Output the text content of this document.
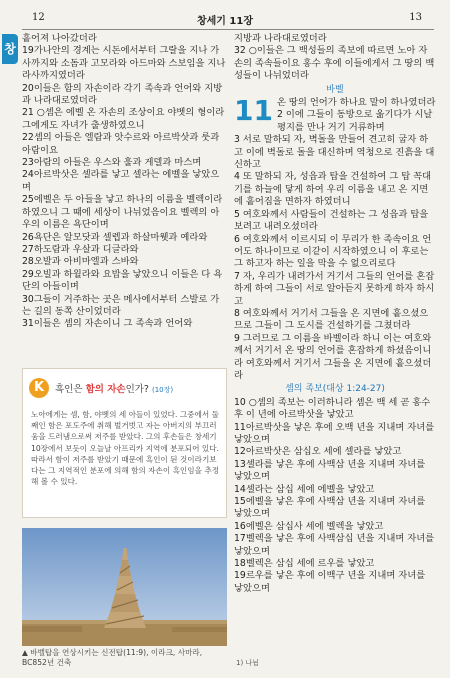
12	창세기 11장	13
창

흩어져 나아갔더라

19가나안의 경계는 시돈에서부터 그랄을 지나 가사까지와 소돔과 고모라와 아드마와 스보임을 지나 라사까지였더라

20이들은 함의 자손이라 각기 족속과 언어와 지방과 나라대로였더라

21 ○셈은 에벨 온 자손의 조상이요 야벳의 형이라 그에게도 자녀가 출생하였으니

22셈의 아들은 엘람과 앗수르와 아르박삿과 룻과 아람이요

23아람의 아들은 우스와 훌과 게델과 마스며

24아르박삿은 셀라를 낳고 셀라는 에벨을 낳았으며

25에벨은 두 아들을 낳고 하나의 이름을 벨렉이라 하였으니 그 때에 세상이 나뉘었음이요 벨렉의 아우의 이름은 욕단이며

26욕단은 알모닷과 셀렙과 하살마웻과 예라와

27하도람과 우살과 디글라와

28오발과 아비마엘과 스바와

29오빌과 하윌라와 요밥을 낳았으니 이들은 다 욕단의 아들이며

30그들이 거주하는 곳은 메사에서부터 스발로 가는 길의 동쪽 산이었더라

31이들은 셈의 자손이니 그 족속과 언어와

지방과 나라대로였더라

32 ○이들은 그 백성들의 족보에 따르면 노아 자손의 족속들이요 홍수 후에 이들에게서 그 땅의 백성들이 나뉘었더라

바벨
11 온 땅의 언어가 하나요 말이 하나였더라

2 이에 그들이 동방으로 옮기다가 시날 평지를 만나 거기 거류하며

3 서로 말하되 자, 벽돌을 만들어 견고히 굽자 하고 이에 벽돌로 돌을 대신하며 역청으로 진흙을 대신하고

4 또 말하되 자, 성읍과 탑을 건설하여 그 탑 꼭대기를 하늘에 닿게 하여 우리 이름을 내고 온 지면에 흩어짐을 면하자 하였더니

5 여호와께서 사람들이 건설하는 그 성읍과 탑을 보려고 내려오셨더라

6 여호와께서 이르시되 이 무리가 한 족속이요 언어도 하나이므로 이같이 시작하였으니 이 후로는 그 하고자 하는 일을 막을 수 없으리로다

7 자, 우리가 내려가서 거기서 그들의 언어를 혼잡하게 하여 그들이 서로 알아듣지 못하게 하자 하시고

8 여호와께서 거기서 그들을 온 지면에 흩으셨으므로 그들이 그 도시를 건설하기를 그쳤더라

9 그러므로 그 이름을 바벨이라 하니 이는 여호와께서 거기서 온 땅의 언어를 혼잡하게 하셨음이니라 여호와께서 거기서 그들을 온 지면에 흩으셨더라

셈의 족보(대상 1:24-27)

10 ○셈의 족보는 이러하니라 셈은 백 세 곧 홍수 후 이 년에 아르박삿을 낳았고

11아르박삿을 낳은 후에 오백 년을 지내며 자녀를 낳았으며

12아르박삿은 삼십오 세에 셀라를 낳았고

13셀라를 낳은 후에 사백삼 년을 지내며 자녀를 낳았으며

14셀라는 삼십 세에 에벨을 낳았고

15에벨을 낳은 후에 사백삼 년을 지내며 자녀를 낳았으며

16에벨은 삼십사 세에 벨렉을 낳았고

17벨렉을 낳은 후에 사백삼십 년을 지내며 자녀를 낳았으며

18벨렉은 삼십 세에 르우를 낳았고

19르우를 낳은 후에 이백구 년을 지내며 자녀를 낳았으며

K	흑인은 함의 자손인가? (10장)
노아에게는 셈, 함, 야벳의 세 아들이 있었다. 그중에서 둘째인 함은 포도주에 취해 벌거벗고 자는 아버지의 부끄러움을 드러냄으로써 저주를 받았다. 그의 후손들은 창세기 10장에서 보듯이 오늘날 아프리카 지역에 분포되어 있다. 따라서 함이 저주를 받았기 때문에 흑인이 된 것이라기보다는 그 지역적인 분포에 의해 함의 자손이 흑인임을 추정해 볼 수 있다.
▲ 바벨탑을 연상시키는 신전탑(11:9), 이라크, 사마라, BC852년 건축	1) 나뉨
